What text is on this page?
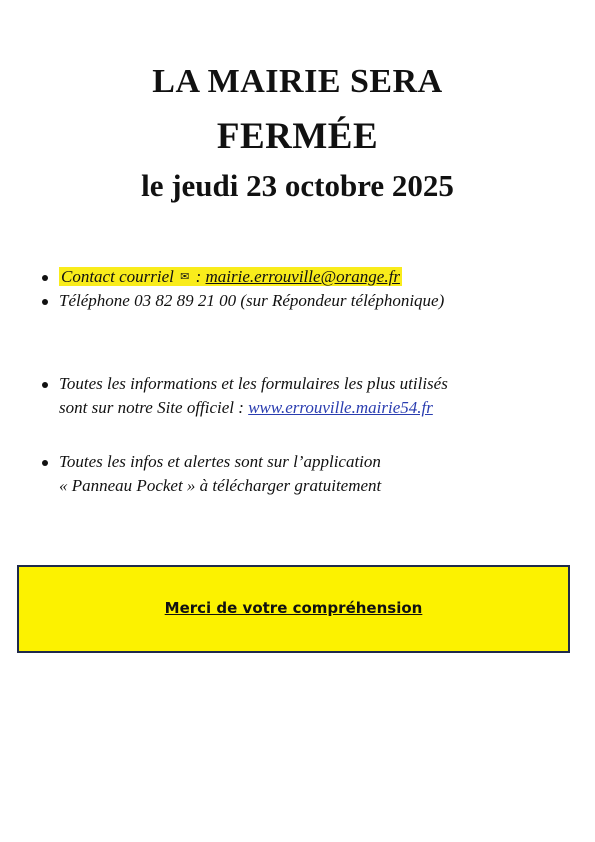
LA MAIRIE SERA
FERMÉE
le jeudi 23 octobre 2025
Contact courriel ✉ : mairie.errouville@orange.fr
Téléphone 03 82 89 21 00 (sur Répondeur téléphonique)
Toutes les informations et les formulaires les plus utilisés
sont sur notre Site officiel : www.errouville.mairie54.fr
Toutes les infos et alertes sont sur l’application
« Panneau Pocket » à télécharger gratuitement
Merci de votre compréhension
